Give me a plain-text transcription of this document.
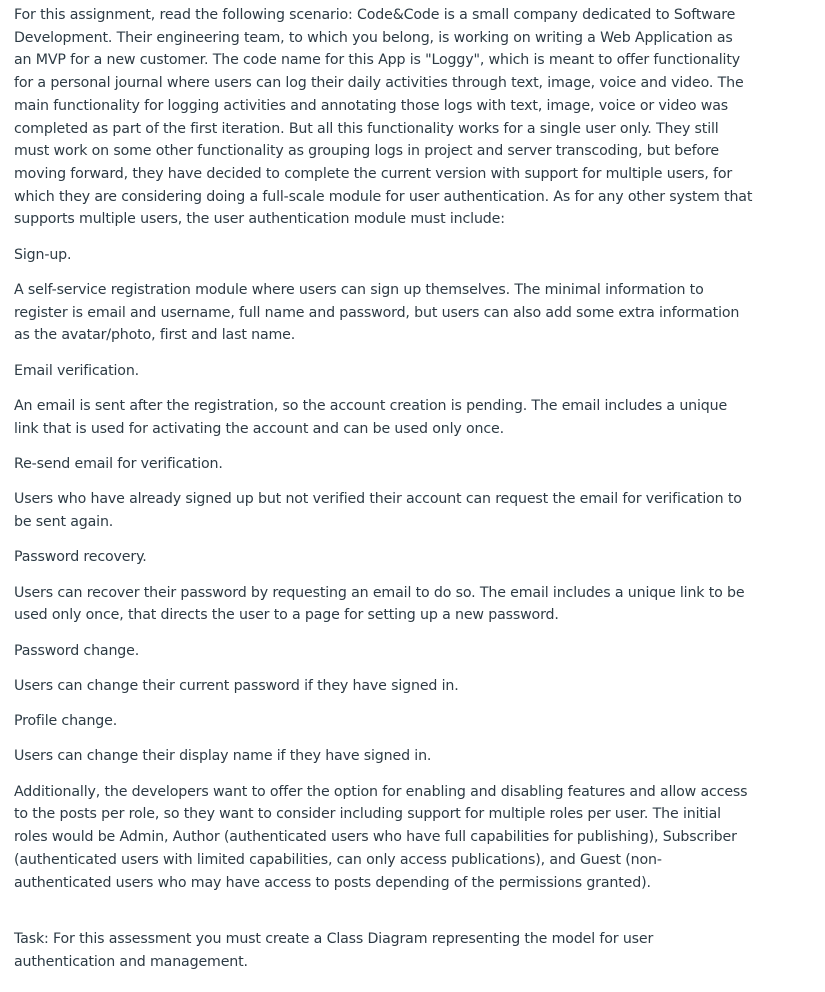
For this assignment, read the following scenario: Code&Code is a small company dedicated to Software Development. Their engineering team, to which you belong, is working on writing a Web Application as an MVP for a new customer. The code name for this App is "Loggy", which is meant to offer functionality for a personal journal where users can log their daily activities through text, image, voice and video. The main functionality for logging activities and annotating those logs with text, image, voice or video was completed as part of the first iteration. But all this functionality works for a single user only. They still must work on some other functionality as grouping logs in project and server transcoding, but before moving forward, they have decided to complete the current version with support for multiple users, for which they are considering doing a full-scale module for user authentication. As for any other system that supports multiple users, the user authentication module must include:

Sign-up.

A self-service registration module where users can sign up themselves. The minimal information to register is email and username, full name and password, but users can also add some extra information as the avatar/photo, first and last name.

Email verification.

An email is sent after the registration, so the account creation is pending. The email includes a unique link that is used for activating the account and can be used only once.

Re-send email for verification.

Users who have already signed up but not verified their account can request the email for verification to be sent again.

Password recovery.

Users can recover their password by requesting an email to do so. The email includes a unique link to be used only once, that directs the user to a page for setting up a new password.

Password change.

Users can change their current password if they have signed in.

Profile change.

Users can change their display name if they have signed in.

Additionally, the developers want to offer the option for enabling and disabling features and allow access to the posts per role, so they want to consider including support for multiple roles per user. The initial roles would be Admin, Author (authenticated users who have full capabilities for publishing), Subscriber (authenticated users with limited capabilities, can only access publications), and Guest (non-authenticated users who may have access to posts depending of the permissions granted).

Task: For this assessment you must create a Class Diagram representing the model for user authentication and management.
